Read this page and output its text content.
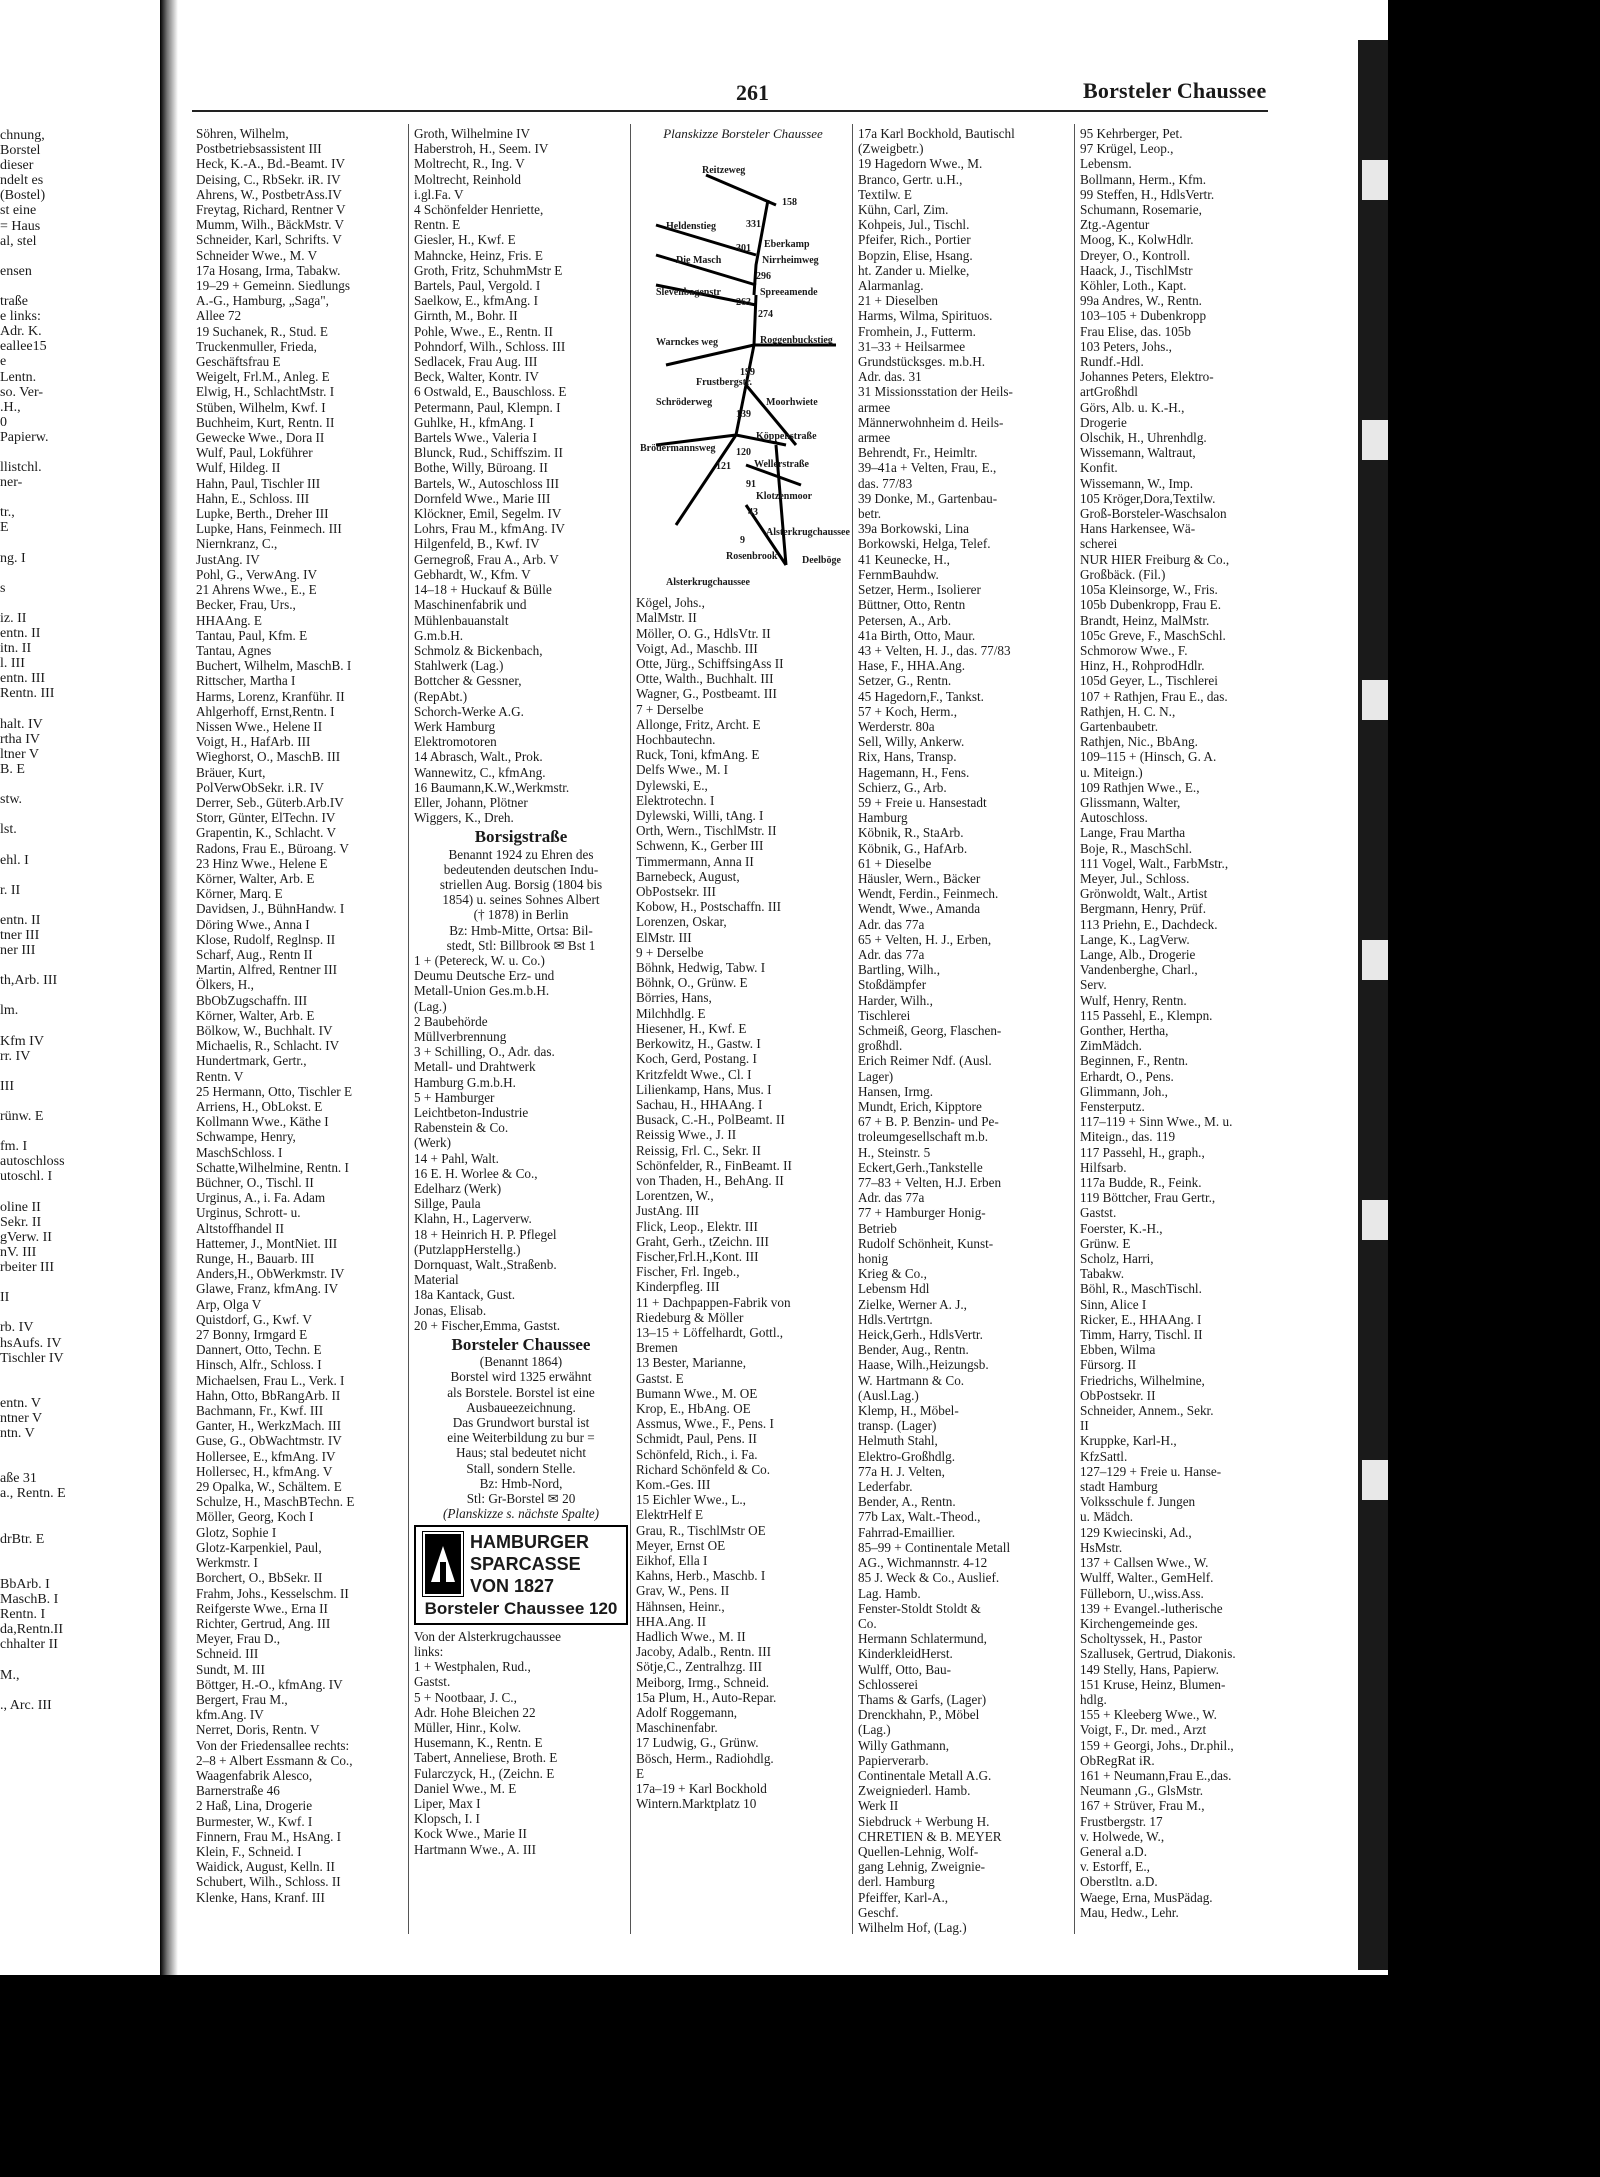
chnung,
Borstel
dieser
ndelt es
(Bostel)
st eine
= Haus
al, stel
ensen
traße
e links:
Adr. K.
eallee15
e
Lentn.
so. Ver-
.H.,
0
Papierw.
llistchl.
ner-
tr.,
E
ng. I
s
iz. II
entn. II
itn. II
l. III
entn. III
Rentn. III
halt. IV
rtha IV
ltner V
B. E
stw.
lst.
ehl. I
r. II
entn. II
tner III
ner III
th,Arb. III
lm.
Kfm IV
rr. IV
III
rünw. E
fm. I
autoschloss
utoschl. I
oline II
Sekr. II
gVerw. II
nV. III
rbeiter III
II
rb. IV
hsAufs. IV
Tischler IV
entn. V
ntner V
ntn. V
aße 31
a., Rentn. E
drBtr. E
BbArb. I
MaschB. I
Rentn. I
da,Rentn.II
chhalter II
M.,
., Arc. III
261	Borsteler Chaussee
Söhren, Wilhelm,
Postbetriebsassistent III
Heck, K.-A., Bd.-Beamt. IV
Deising, C., RbSekr. iR. IV
Ahrens, W., PostbetrAss.IV
Freytag, Richard, Rentner V
Mumm, Wilh., BäckMstr. V
Schneider, Karl, Schrifts. V
Schneider Wwe., M. V
17a Hosang, Irma, Tabakw.
19–29 + Gemeinn. Siedlungs
A.-G., Hamburg, „Saga",
Allee 72
19 Suchanek, R., Stud. E
Truckenmuller, Frieda,
Geschäftsfrau E
Weigelt, Frl.M., Anleg. E
Elwig, H., SchlachtMstr. I
Stüben, Wilhelm, Kwf. I
Buchheim, Kurt, Rentn. II
Gewecke Wwe., Dora II
Wulf, Paul, Lokführer
Wulf, Hildeg. II
Hahn, Paul, Tischler III
Hahn, E., Schloss. III
Lupke, Berth., Dreher III
Lupke, Hans, Feinmech. III
Niernkranz, C.,
JustAng. IV
Pohl, G., VerwAng. IV
21 Ahrens Wwe., E., E
Becker, Frau, Urs.,
HHAAng. E
Tantau, Paul, Kfm. E
Tantau, Agnes
Buchert, Wilhelm, MaschB. I
Rittscher, Martha I
Harms, Lorenz, Kranführ. II
Ahlgerhoff, Ernst,Rentn. I
Nissen Wwe., Helene II
Voigt, H., HafArb. III
Wieghorst, O., MaschB. III
Bräuer, Kurt,
PolVerwObSekr. i.R. IV
Derrer, Seb., Güterb.Arb.IV
Storr, Günter, ElTechn. IV
Grapentin, K., Schlacht. V
Radons, Frau E., Büroang. V
23 Hinz Wwe., Helene E
Körner, Walter, Arb. E
Körner, Marq. E
Davidsen, J., BühnHandw. I
Döring Wwe., Anna I
Klose, Rudolf, Reglnsp. II
Scharf, Aug., Rentn II
Martin, Alfred, Rentner III
Ölkers, H.,
BbObZugschaffn. III
Körner, Walter, Arb. E
Bölkow, W., Buchhalt. IV
Michaelis, R., Schlacht. IV
Hundertmark, Gertr.,
Rentn. V
25 Hermann, Otto, Tischler E
Arriens, H., ObLokst. E
Kollmann Wwe., Käthe I
Schwampe, Henry,
MaschSchloss. I
Schatte,Wilhelmine, Rentn. I
Büchner, O., Tischl. II
Urginus, A., i. Fa. Adam
Urginus, Schrott- u.
Altstoffhandel II
Hattemer, J., MontNiet. III
Runge, H., Bauarb. III
Anders,H., ObWerkmstr. IV
Glawe, Franz, kfmAng. IV
Arp, Olga V
Quistdorf, G., Kwf. V
27 Bonny, Irmgard E
Dannert, Otto, Techn. E
Hinsch, Alfr., Schloss. I
Michaelsen, Frau L., Verk. I
Hahn, Otto, BbRangArb. II
Bachmann, Fr., Kwf. III
Ganter, H., WerkzMach. III
Guse, G., ObWachtmstr. IV
Hollersee, E., kfmAng. IV
Hollersec, H., kfmAng. V
29 Opalka, W., Schältem. E
Schulze, H., MaschBTechn. E
Möller, Georg, Koch I
Glotz, Sophie I
Glotz-Karpenkiel, Paul,
Werkmstr. I
Borchert, O., BbSekr. II
Frahm, Johs., Kesselschm. II
Reifgerste Wwe., Erna II
Richter, Gertrud, Ang. III
Meyer, Frau D.,
Schneid. III
Sundt, M. III
Böttger, H.-O., kfmAng. IV
Bergert, Frau M.,
kfm.Ang. IV
Nerret, Doris, Rentn. V
Von der Friedensallee rechts:
2–8 + Albert Essmann & Co.,
Waagenfabrik Alesco,
Barnerstraße 46
2 Haß, Lina, Drogerie
Burmester, W., Kwf. I
Finnern, Frau M., HsAng. I
Klein, F., Schneid. I
Waidick, August, Kelln. II
Schubert, Wilh., Schloss. II
Klenke, Hans, Kranf. III
Groth, Wilhelmine IV
Haberstroh, H., Seem. IV
Moltrecht, R., Ing. V
Moltrecht, Reinhold
i.gl.Fa. V
4 Schönfelder Henriette,
Rentn. E
Giesler, H., Kwf. E
Mahncke, Heinz, Fris. E
Groth, Fritz, SchuhmMstr E
Bartels, Paul, Vergold. I
Saelkow, E., kfmAng. I
Girnth, M., Bohr. II
Pohle, Wwe., E., Rentn. II
Pohndorf, Wilh., Schloss. III
Sedlacek, Frau Aug. III
Beck, Walter, Kontr. IV
6 Ostwald, E., Bauschloss. E
Petermann, Paul, Klempn. I
Guhlke, H., kfmAng. I
Bartels Wwe., Valeria I
Blunck, Rud., Schiffszim. II
Bothe, Willy, Büroang. II
Bartels, W., Autoschloss III
Dornfeld Wwe., Marie III
Klöckner, Emil, Segelm. IV
Lohrs, Frau M., kfmAng. IV
Hilgenfeld, B., Kwf. IV
Gernegroß, Frau A., Arb. V
Gebhardt, W., Kfm. V
14–18 + Huckauf & Bülle
Maschinenfabrik und
Mühlenbauanstalt
G.m.b.H.
Schmolz & Bickenbach,
Stahlwerk (Lag.)
Bottcher & Gessner,
(RepAbt.)
Schorch-Werke A.G.
Werk Hamburg
Elektromotoren
14 Abrasch, Walt., Prok.
Wannewitz, C., kfmAng.
16 Baumann,K.W.,Werkmstr.
Eller, Johann, Plötner
Wiggers, K., Dreh.
Borsigstraße
Benannt 1924 zu Ehren des
bedeutenden deutschen Indu-
striellen Aug. Borsig (1804 bis
1854) u. seines Sohnes Albert
(† 1878) in Berlin
Bz: Hmb-Mitte, Ortsa: Bil-
stedt, Stl: Billbrook ✉ Bst 1
1 + (Petereck, W. u. Co.)
Deumu Deutsche Erz- und
Metall-Union Ges.m.b.H.
(Lag.)
2 Baubehörde
Müllverbrennung
3 + Schilling, O., Adr. das.
Metall- und Drahtwerk
Hamburg G.m.b.H.
5 + Hamburger
Leichtbeton-Industrie
Rabenstein & Co.
(Werk)
14 + Pahl, Walt.
16 E. H. Worlee & Co.,
Edelharz (Werk)
Sillge, Paula
Klahn, H., Lagerverw.
18 + Heinrich H. P. Pflegel
(PutzlappHerstellg.)
Dornquast, Walt.,Straßenb.
Material
18a Kantack, Gust.
Jonas, Elisab.
20 + Fischer,Emma, Gastst.
Borsteler Chaussee
(Benannt 1864)
Borstel wird 1325 erwähnt
als Borstele. Borstel ist eine
Ausbaueezeichnung.
Das Grundwort burstal ist
eine Weiterbildung zu bur =
Haus; stal bedeutet nicht
Stall, sondern Stelle.
Bz: Hmb-Nord,
Stl: Gr-Borstel ✉ 20
(Planskizze s. nächste Spalte)
HAMBURGER
SPARCASSE
VON 1827
Borsteler Chaussee 120
Von der Alsterkrugchaussee
links:
1 + Westphalen, Rud.,
Gastst.
5 + Nootbaar, J. C.,
Adr. Hohe Bleichen 22
Müller, Hinr., Kolw.
Husemann, K., Rentn. E
Tabert, Anneliese, Broth. E
Fularczyck, H., (Zeichn. E
Daniel Wwe., M. E
Liper, Max I
Klopsch, I. I
Kock Wwe., Marie II
Hartmann Wwe., A. III
Planskizze Borsteler Chaussee
Reitzeweg
Heldenstieg
Die Masch
Slevenbagenstr
Eberkamp
Nirrheimweg
Spreeamende
Warnckes weg	Roggenbuckstieg
Frustbergstr.
Schröderweg	Moorhwiete
Brödermannsweg
Köppenstraße
Wellerstraße
Klotzenmoor
Alsterkrugchaussee
Rosenbrook Deelböge
Alsterkrugchaussee
158
331
301
296
263
274
199
139
120
121
91
43
9
Kögel, Johs.,
MalMstr. II
Möller, O. G., HdlsVtr. II
Voigt, Ad., Maschb. III
Otte, Jürg., SchiffsingAss II
Otte, Walth., Buchhalt. III
Wagner, G., Postbeamt. III
7 + Derselbe
Allonge, Fritz, Archt. E
Hochbautechn.
Ruck, Toni, kfmAng. E
Delfs Wwe., M. I
Dylewski, E.,
Elektrotechn. I
Dylewski, Willi, tAng. I
Orth, Wern., TischlMstr. II
Schwenn, K., Gerber III
Timmermann, Anna II
Barnebeck, August,
ObPostsekr. III
Kobow, H., Postschaffn. III
Lorenzen, Oskar,
ElMstr. III
9 + Derselbe
Böhnk, Hedwig, Tabw. I
Böhnk, O., Grünw. E
Börries, Hans,
Milchhdlg. E
Hiesener, H., Kwf. E
Berkowitz, H., Gastw. I
Koch, Gerd, Postang. I
Kritzfeldt Wwe., Cl. I
Lilienkamp, Hans, Mus. I
Sachau, H., HHAAng. I
Busack, C.-H., PolBeamt. II
Reissig Wwe., J. II
Reissig, Frl. C., Sekr. II
Schönfelder, R., FinBeamt. II
von Thaden, H., BehAng. II
Lorentzen, W.,
JustAng. III
Flick, Leop., Elektr. III
Graht, Gerh., tZeichn. III
Fischer,Frl.H.,Kont. III
Fischer, Frl. Ingeb.,
Kinderpfleg. III
11 + Dachpappen-Fabrik von
Riedeburg & Möller
13–15 + Löffelhardt, Gottl.,
Bremen
13 Bester, Marianne,
Gastst. E
Bumann Wwe., M. OE
Krop, E., HbAng. OE
Assmus, Wwe., F., Pens. I
Schmidt, Paul, Pens. II
Schönfeld, Rich., i. Fa.
Richard Schönfeld & Co.
Kom.-Ges. III
15 Eichler Wwe., L.,
ElektrHelf E
Grau, R., TischlMstr OE
Meyer, Ernst OE
Eikhof, Ella I
Kahns, Herb., Maschb. I
Grav, W., Pens. II
Hähnsen, Heinr.,
HHA.Ang. II
Hadlich Wwe., M. II
Jacoby, Adalb., Rentn. III
Sötje,C., Zentralhzg. III
Meiborg, Irmg., Schneid.
15a Plum, H., Auto-Repar.
Adolf Roggemann,
Maschinenfabr.
17 Ludwig, G., Grünw.
Bösch, Herm., Radiohdlg.
E
17a–19 + Karl Bockhold
Wintern.Marktplatz 10
17a Karl Bockhold, Bautischl
(Zweigbetr.)
19 Hagedorn Wwe., M.
Branco, Gertr. u.H.,
Textilw. E
Kühn, Carl, Zim.
Kohpeis, Jul., Tischl.
Pfeifer, Rich., Portier
Bopzin, Elise, Hsang.
ht. Zander u. Mielke,
Alarmanlag.
21 + Dieselben
Harms, Wilma, Spirituos.
Fromhein, J., Futterm.
31–33 + Heilsarmee
Grundstücksges. m.b.H.
Adr. das. 31
31 Missionsstation der Heils-
armee
Männerwohnheim d. Heils-
armee
Behrendt, Fr., Heimltr.
39–41a + Velten, Frau, E.,
das. 77/83
39 Donke, M., Gartenbau-
betr.
39a Borkowski, Lina
Borkowski, Helga, Telef.
41 Keunecke, H.,
FernmBauhdw.
Setzer, Herm., Isolierer
Büttner, Otto, Rentn
Petersen, A., Arb.
41a Birth, Otto, Maur.
43 + Velten, H. J., das. 77/83
Hase, F., HHA.Ang.
Setzer, G., Rentn.
45 Hagedorn,F., Tankst.
57 + Koch, Herm.,
Werderstr. 80a
Sell, Willy, Ankerw.
Rix, Hans, Transp.
Hagemann, H., Fens.
Schierz, G., Arb.
59 + Freie u. Hansestadt
Hamburg
Köbnik, R., StaArb.
Köbnik, G., HafArb.
61 + Dieselbe
Häusler, Wern., Bäcker
Wendt, Ferdin., Feinmech.
Wendt, Wwe., Amanda
Adr. das 77a
65 + Velten, H. J., Erben,
Adr. das 77a
Bartling, Wilh.,
Stoßdämpfer
Harder, Wilh.,
Tischlerei
Schmeiß, Georg, Flaschen-
großhdl.
Erich Reimer Ndf. (Ausl.
Lager)
Hansen, Irmg.
Mundt, Erich, Kipptore
67 + B. P. Benzin- und Pe-
troleumgesellschaft m.b.
H., Steinstr. 5
Eckert,Gerh.,Tankstelle
77–83 + Velten, H.J. Erben
Adr. das 77a
77 + Hamburger Honig-
Betrieb
Rudolf Schönheit, Kunst-
honig
Krieg & Co.,
Lebensm Hdl
Zielke, Werner A. J.,
Hdls.Vertrtgn.
Heick,Gerh., HdlsVertr.
Bender, Aug., Rentn.
Haase, Wilh.,Heizungsb.
W. Hartmann & Co.
(Ausl.Lag.)
Klemp, H., Möbel-
transp. (Lager)
Helmuth Stahl,
Elektro-Großhdlg.
77a H. J. Velten,
Lederfabr.
Bender, A., Rentn.
77b Lax, Walt.-Theod.,
Fahrrad-Emaillier.
85–99 + Continentale Metall
AG., Wichmannstr. 4-12
85 J. Weck & Co., Auslief.
Lag. Hamb.
Fenster-Stoldt Stoldt &
Co.
Hermann Schlatermund,
KinderkleidHerst.
Wulff, Otto, Bau-
Schlosserei
Thams & Garfs, (Lager)
Drenckhahn, P., Möbel
(Lag.)
Willy Gathmann,
Papierverarb.
Continentale Metall A.G.
Zweigniederl. Hamb.
Werk II
Siebdruck + Werbung H.
CHRETIEN & B. MEYER
Quellen-Lehnig, Wolf-
gang Lehnig, Zweignie-
derl. Hamburg
Pfeiffer, Karl-A.,
Geschf.
Wilhelm Hof, (Lag.)
95 Kehrberger, Pet.
97 Krügel, Leop.,
Lebensm.
Bollmann, Herm., Kfm.
99 Steffen, H., HdlsVertr.
Schumann, Rosemarie,
Ztg.-Agentur
Moog, K., KolwHdlr.
Dreyer, O., Kontroll.
Haack, J., TischlMstr
Köhler, Loth., Kapt.
99a Andres, W., Rentn.
103–105 + Dubenkropp
Frau Elise, das. 105b
103 Peters, Johs.,
Rundf.-Hdl.
Johannes Peters, Elektro-
artGroßhdl
Görs, Alb. u. K.-H.,
Drogerie
Olschik, H., Uhrenhdlg.
Wissemann, Waltraut,
Konfit.
Wissemann, W., Imp.
105 Kröger,Dora,Textilw.
Groß-Borsteler-Waschsalon
Hans Harkensee, Wä-
scherei
NUR HIER Freiburg & Co.,
Großbäck. (Fil.)
105a Kleinsorge, W., Fris.
105b Dubenkropp, Frau E.
Brandt, Heinz, MalMstr.
105c Greve, F., MaschSchl.
Schmorow Wwe., F.
Hinz, H., RohprodHdlr.
105d Geyer, L., Tischlerei
107 + Rathjen, Frau E., das.
Rathjen, H. C. N.,
Gartenbaubetr.
Rathjen, Nic., BbAng.
109–115 + (Hinsch, G. A.
u. Miteign.)
109 Rathjen Wwe., E.,
Glissmann, Walter,
Autoschloss.
Lange, Frau Martha
Boje, R., MaschSchl.
111 Vogel, Walt., FarbMstr.,
Meyer, Jul., Schloss.
Grönwoldt, Walt., Artist
Bergmann, Henry, Prüf.
113 Priehn, E., Dachdeck.
Lange, K., LagVerw.
Lange, Alb., Drogerie
Vandenberghe, Charl.,
Serv.
Wulf, Henry, Rentn.
115 Passehl, E., Klempn.
Gonther, Hertha,
ZimMädch.
Beginnen, F., Rentn.
Erhardt, O., Pens.
Glimmann, Joh.,
Fensterputz.
117–119 + Sinn Wwe., M. u.
Miteign., das. 119
117 Passehl, H., graph.,
Hilfsarb.
117a Budde, R., Feink.
119 Böttcher, Frau Gertr.,
Gastst.
Foerster, K.-H.,
Grünw. E
Scholz, Harri,
Tabakw.
Böhl, R., MaschTischl.
Sinn, Alice I
Ricker, E., HHAAng. I
Timm, Harry, Tischl. II
Ebben, Wilma
Fürsorg. II
Friedrichs, Wilhelmine,
ObPostsekr. II
Schneider, Annem., Sekr.
II
Kruppke, Karl-H.,
KfzSattl.
127–129 + Freie u. Hanse-
stadt Hamburg
Volksschule f. Jungen
u. Mädch.
129 Kwiecinski, Ad.,
HsMstr.
137 + Callsen Wwe., W.
Wulff, Walter., GemHelf.
Fülleborn, U.,wiss.Ass.
139 + Evangel.-lutherische
Kirchengemeinde ges.
Scholtyssek, H., Pastor
Szallusek, Gertrud, Diakonis.
149 Stelly, Hans, Papierw.
151 Kruse, Heinz, Blumen-
hdlg.
155 + Kleeberg Wwe., W.
Voigt, F., Dr. med., Arzt
159 + Georgi, Johs., Dr.phil.,
ObRegRat iR.
161 + Neumann,Frau E.,das.
Neumann ,G., GlsMstr.
167 + Strüver, Frau M.,
Frustbergstr. 17
v. Holwede, W.,
General a.D.
v. Estorff, E.,
Oberstltn. a.D.
Waege, Erna, MusPädag.
Mau, Hedw., Lehr.
